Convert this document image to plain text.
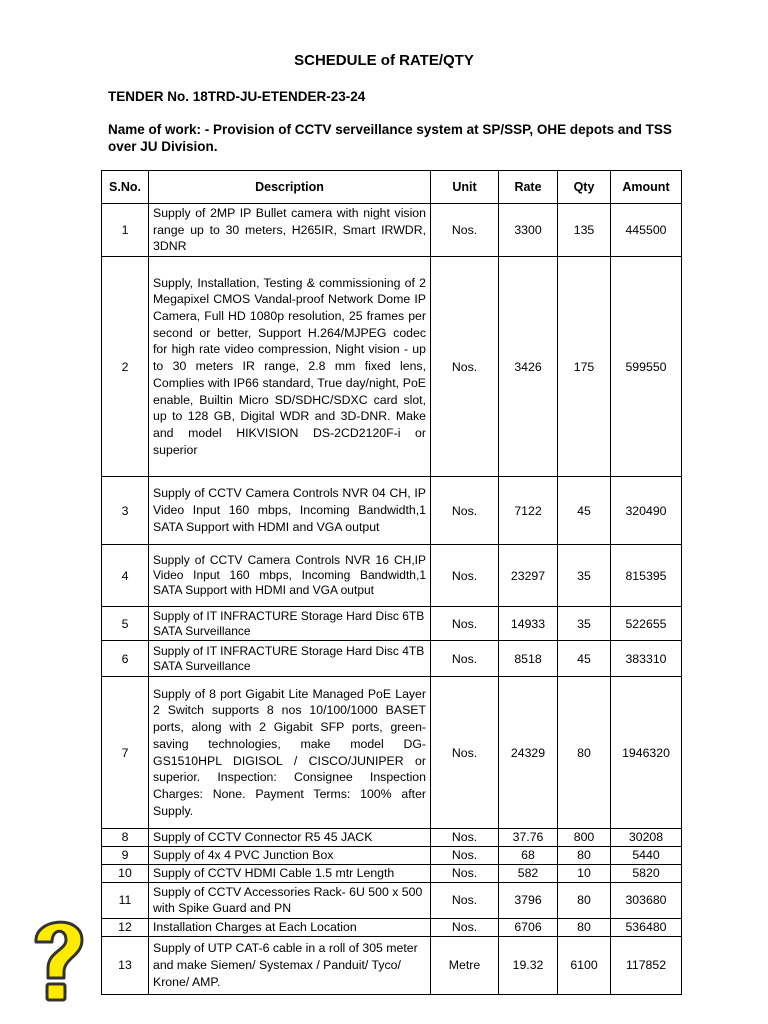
SCHEDULE of RATE/QTY
TENDER No. 18TRD-JU-ETENDER-23-24
Name of work: - Provision of CCTV serveillance system at SP/SSP, OHE depots and TSS over JU Division.
S.No.	Description	Unit	Rate	Qty	Amount
1	Supply of 2MP IP Bullet camera with night vision range up to 30 meters, H265IR, Smart IRWDR, 3DNR	Nos.	3300	135	445500
2	Supply, Installation, Testing & commissioning of 2 Megapixel CMOS Vandal-proof Network Dome IP Camera, Full HD 1080p resolution, 25 frames per second or better, Support H.264/MJPEG codec for high rate video compression, Night vision - up to 30 meters IR range, 2.8 mm fixed lens, Complies with IP66 standard, True day/night, PoE enable, Builtin Micro SD/SDHC/SDXC card slot, up to 128 GB, Digital WDR and 3D-DNR. Make and model HIKVISION DS-2CD2120F-i or superior	Nos.	3426	175	599550
3	Supply of CCTV Camera Controls NVR 04 CH, IP Video Input 160 mbps, Incoming Bandwidth,1 SATA Support with HDMI and VGA output	Nos.	7122	45	320490
4	Supply of CCTV Camera Controls NVR 16 CH,IP Video Input 160 mbps, Incoming Bandwidth,1 SATA Support with HDMI and VGA output	Nos.	23297	35	815395
5	Supply of IT INFRACTURE Storage Hard Disc 6TB SATA Surveillance	Nos.	14933	35	522655
6	Supply of IT INFRACTURE Storage Hard Disc 4TB SATA Surveillance	Nos.	8518	45	383310
7	Supply of 8 port Gigabit Lite Managed PoE Layer 2 Switch supports 8 nos 10/100/1000 BASET ports, along with 2 Gigabit SFP ports, green-saving technologies, make model DG-GS1510HPL DIGISOL / CISCO/JUNIPER or superior. Inspection: Consignee Inspection Charges: None. Payment Terms: 100% after Supply.	Nos.	24329	80	1946320
8	Supply of CCTV Connector R5 45 JACK	Nos.	37.76	800	30208
9	Supply of 4x 4 PVC Junction Box	Nos.	68	80	5440
10	Supply of CCTV HDMI Cable 1.5 mtr Length	Nos.	582	10	5820
11	Supply of CCTV Accessories Rack- 6U 500 x 500 with Spike Guard and PN	Nos.	3796	80	303680
12	Installation Charges at Each Location	Nos.	6706	80	536480
13	Supply of UTP CAT-6 cable in a roll of 305 meter and make Siemen/ Systemax / Panduit/ Tyco/ Krone/ AMP.	Metre	19.32	6100	117852
